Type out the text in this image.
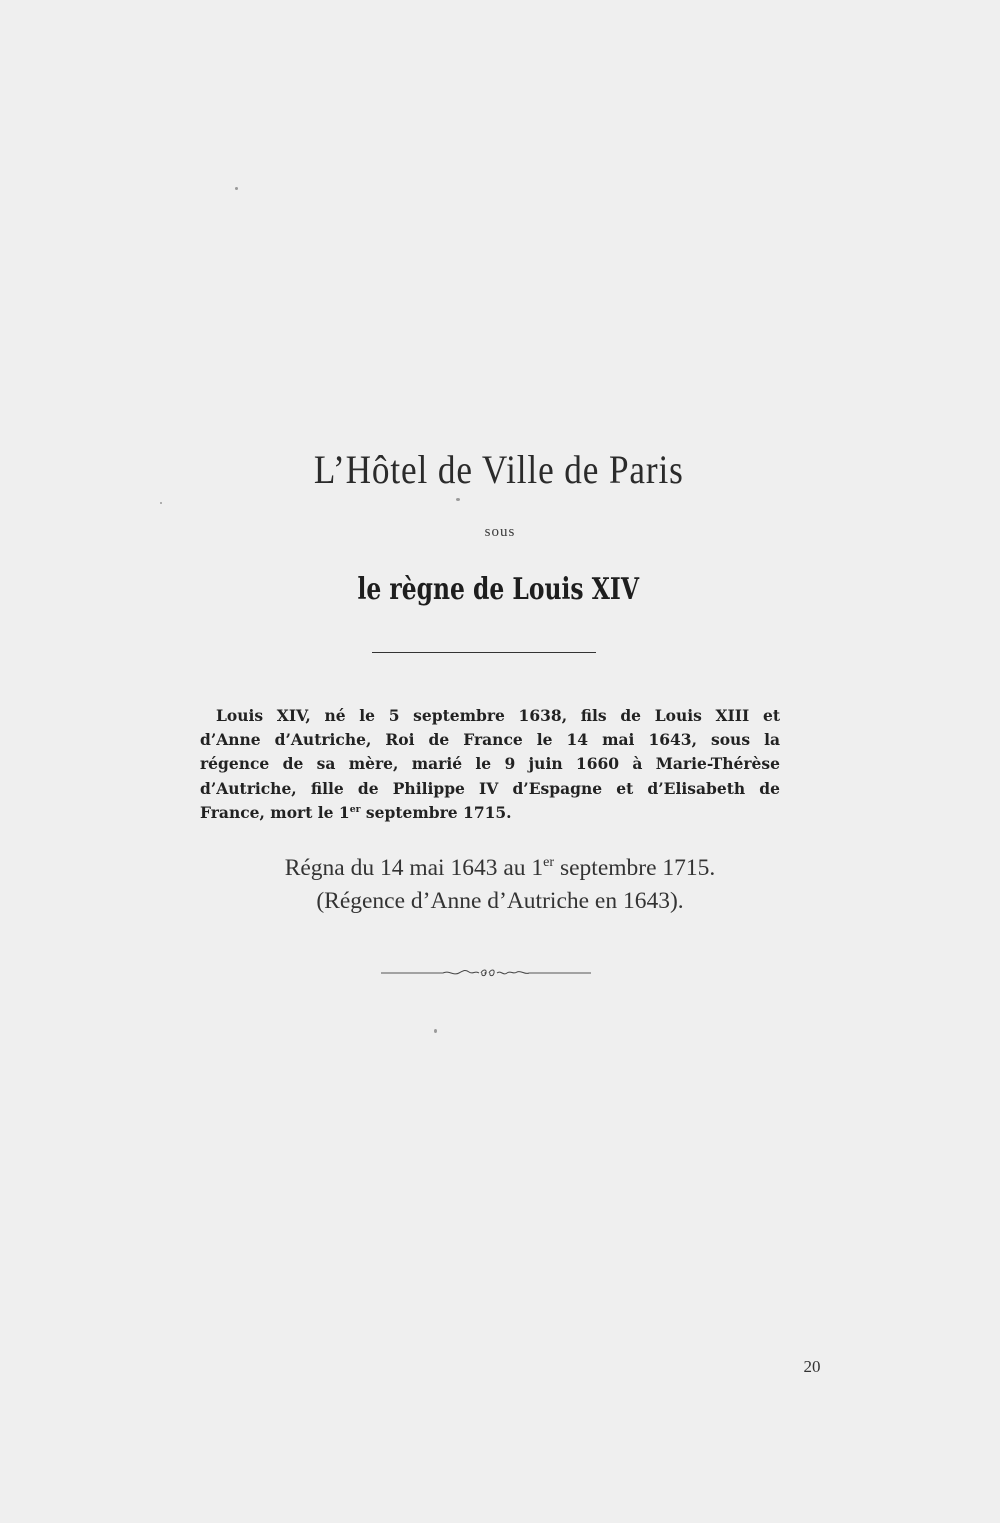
L’Hôtel de Ville de Paris
sous
le règne de Louis XIV
Louis XIV, né le 5 septembre 1638, fils de Louis XIII et
d’Anne d’Autriche, Roi de France le 14 mai 1643, sous la
régence de sa mère, marié le 9 juin 1660 à Marie-Thérèse
d’Autriche, fille de Philippe IV d’Espagne et d’Elisabeth de
France, mort le 1er septembre 1715.
Régna du 14 mai 1643 au 1er septembre 1715.
(Régence d’Anne d’Autriche en 1643).
20
